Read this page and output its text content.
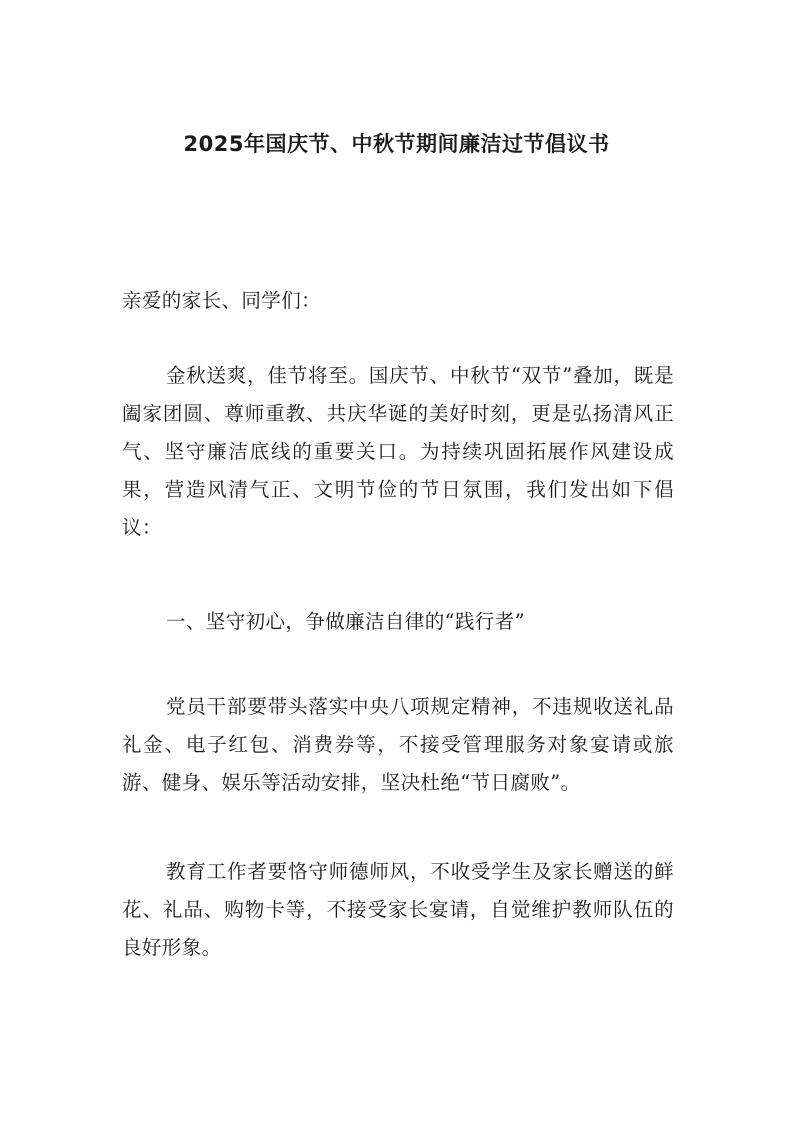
2025年国庆节、中秋节期间廉洁过节倡议书

亲爱的家长、同学们：

金秋送爽，佳节将至。国庆节、中秋节“双节”叠加，既是阖家团圆、尊师重教、共庆华诞的美好时刻，更是弘扬清风正气、坚守廉洁底线的重要关口。为持续巩固拓展作风建设成果，营造风清气正、文明节俭的节日氛围，我们发出如下倡议：

一、坚守初心，争做廉洁自律的“践行者”

党员干部要带头落实中央八项规定精神，不违规收送礼品礼金、电子红包、消费券等，不接受管理服务对象宴请或旅游、健身、娱乐等活动安排，坚决杜绝“节日腐败”。

教育工作者要恪守师德师风，不收受学生及家长赠送的鲜花、礼品、购物卡等，不接受家长宴请，自觉维护教师队伍的良好形象。
